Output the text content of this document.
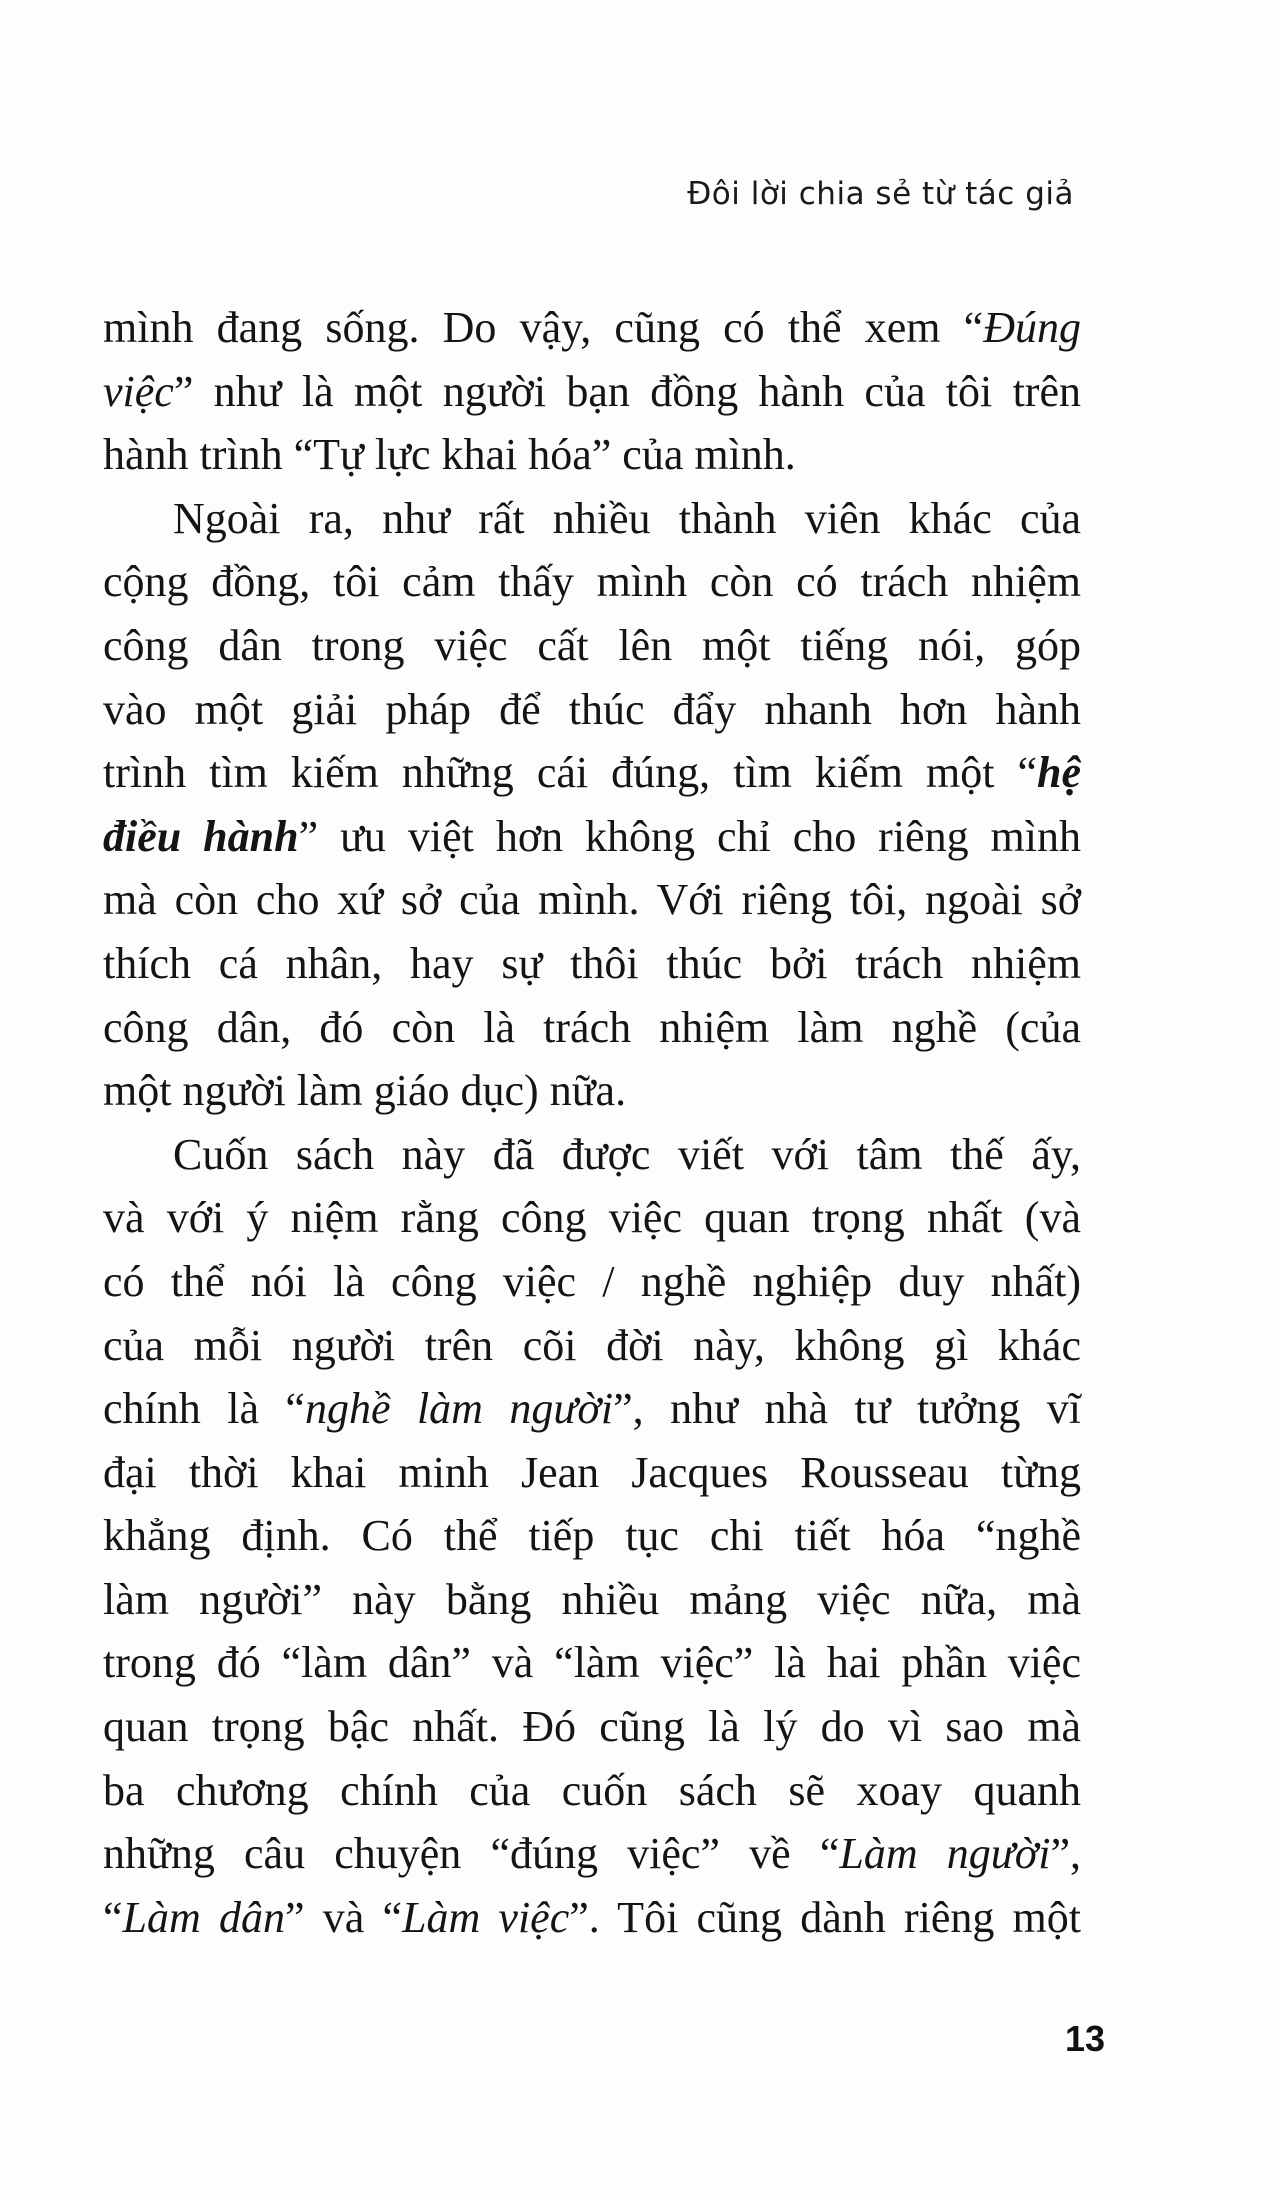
Đôi lời chia sẻ từ tác giả
mình đang sống. Do vậy, cũng có thể xem “Đúng
việc” như là một người bạn đồng hành của tôi trên
hành trình “Tự lực khai hóa” của mình.
Ngoài ra, như rất nhiều thành viên khác của
cộng đồng, tôi cảm thấy mình còn có trách nhiệm
công dân trong việc cất lên một tiếng nói, góp
vào một giải pháp để thúc đẩy nhanh hơn hành
trình tìm kiếm những cái đúng, tìm kiếm một “hệ
điều hành” ưu việt hơn không chỉ cho riêng mình
mà còn cho xứ sở của mình. Với riêng tôi, ngoài sở
thích cá nhân, hay sự thôi thúc bởi trách nhiệm
công dân, đó còn là trách nhiệm làm nghề (của
một người làm giáo dục) nữa.
Cuốn sách này đã được viết với tâm thế ấy,
và với ý niệm rằng công việc quan trọng nhất (và
có thể nói là công việc / nghề nghiệp duy nhất)
của mỗi người trên cõi đời này, không gì khác
chính là “nghề làm người”, như nhà tư tưởng vĩ
đại thời khai minh Jean Jacques Rousseau từng
khẳng định. Có thể tiếp tục chi tiết hóa “nghề
làm người” này bằng nhiều mảng việc nữa, mà
trong đó “làm dân” và “làm việc” là hai phần việc
quan trọng bậc nhất. Đó cũng là lý do vì sao mà
ba chương chính của cuốn sách sẽ xoay quanh
những câu chuyện “đúng việc” về “Làm người”,
“Làm dân” và “Làm việc”. Tôi cũng dành riêng một
13
